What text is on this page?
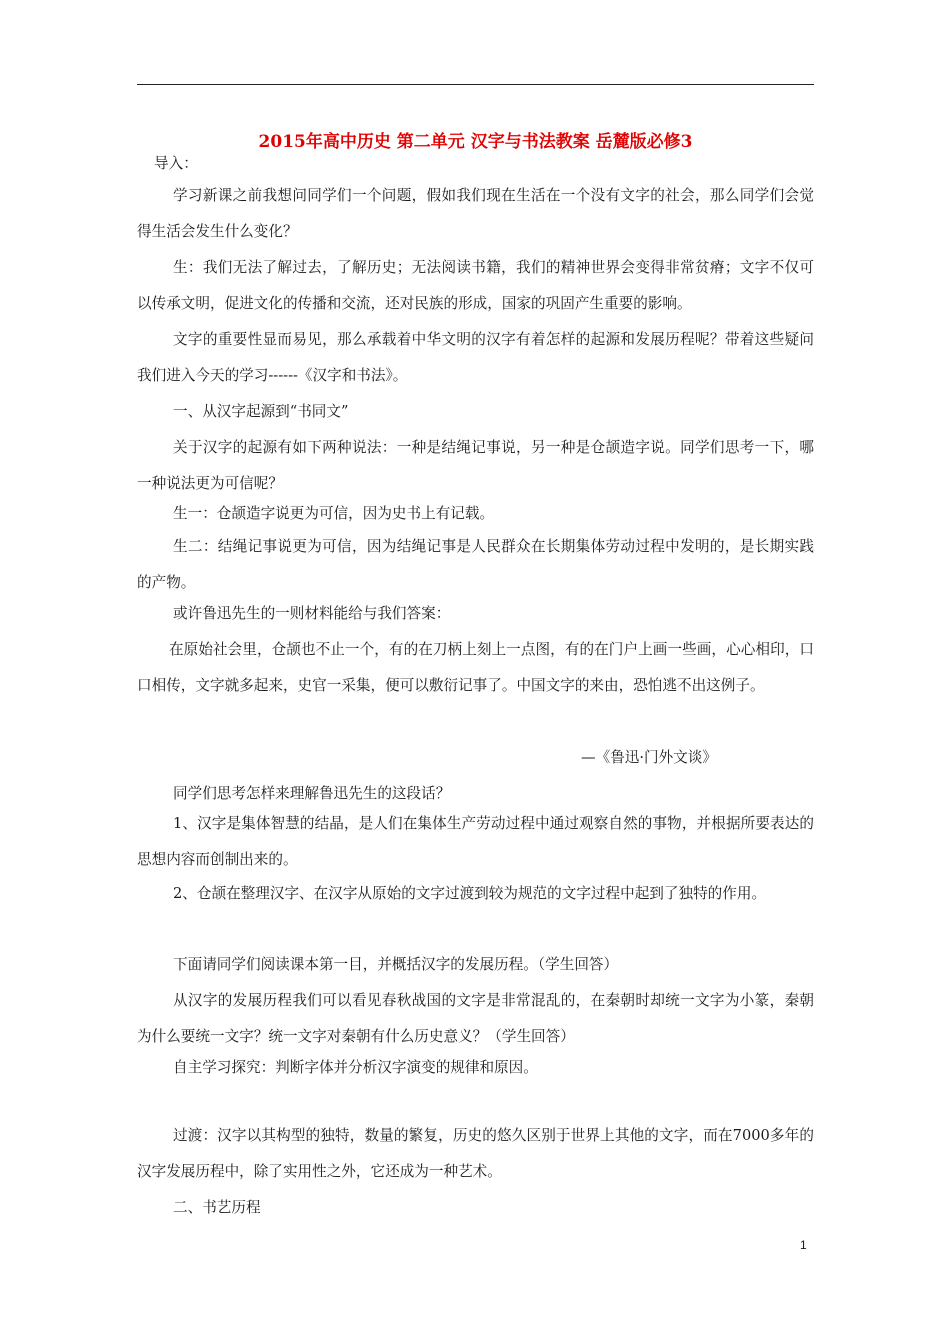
2015年高中历史 第二单元 汉字与书法教案 岳麓版必修3

导入：

学习新课之前我想问同学们一个问题，假如我们现在生活在一个没有文字的社会，那么同学们会觉得生活会发生什么变化？

生：我们无法了解过去，了解历史；无法阅读书籍，我们的精神世界会变得非常贫瘠；文字不仅可以传承文明，促进文化的传播和交流，还对民族的形成，国家的巩固产生重要的影响。

文字的重要性显而易见，那么承载着中华文明的汉字有着怎样的起源和发展历程呢？带着这些疑问我们进入今天的学习------《汉字和书法》。

一、从汉字起源到“书同文”

关于汉字的起源有如下两种说法：一种是结绳记事说，另一种是仓颉造字说。同学们思考一下，哪一种说法更为可信呢？

生一：仓颉造字说更为可信，因为史书上有记载。

生二：结绳记事说更为可信，因为结绳记事是人民群众在长期集体劳动过程中发明的，是长期实践的产物。

或许鲁迅先生的一则材料能给与我们答案：

在原始社会里，仓颉也不止一个，有的在刀柄上刻上一点图，有的在门户上画一些画，心心相印，口口相传，文字就多起来，史官一采集，便可以敷衍记事了。中国文字的来由，恐怕逃不出这例子。

—《鲁迅·门外文谈》

同学们思考怎样来理解鲁迅先生的这段话？

1、汉字是集体智慧的结晶，是人们在集体生产劳动过程中通过观察自然的事物，并根据所要表达的思想内容而创制出来的。

2、仓颉在整理汉字、在汉字从原始的文字过渡到较为规范的文字过程中起到了独特的作用。

下面请同学们阅读课本第一目，并概括汉字的发展历程。（学生回答）

从汉字的发展历程我们可以看见春秋战国的文字是非常混乱的，在秦朝时却统一文字为小篆，秦朝为什么要统一文字？统一文字对秦朝有什么历史意义？（学生回答）

自主学习探究：判断字体并分析汉字演变的规律和原因。

过渡：汉字以其构型的独特，数量的繁复，历史的悠久区别于世界上其他的文字，而在7000多年的汉字发展历程中，除了实用性之外，它还成为一种艺术。

二、书艺历程

1
